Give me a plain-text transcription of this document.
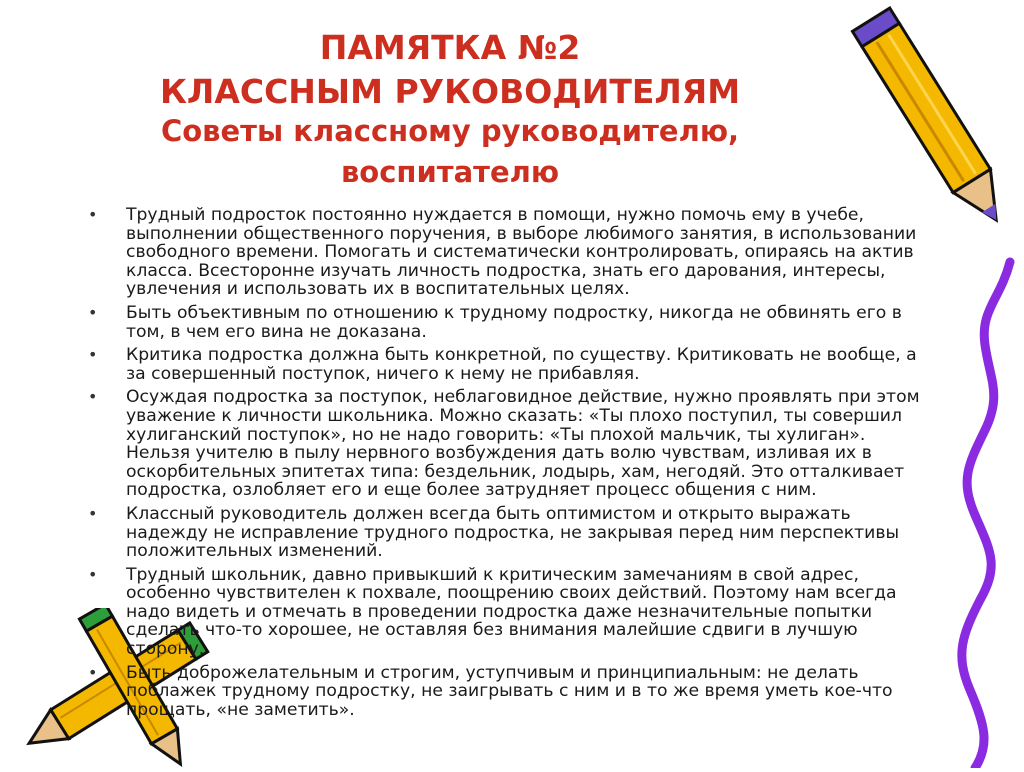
ПАМЯТКА №2
КЛАССНЫМ РУКОВОДИТЕЛЯМ
Советы классному руководителю,
воспитателю
• Трудный подросток постоянно нуждается в помощи, нужно помочь ему в учебе, выполнении общественного поручения, в выборе любимого занятия, в использовании свободного времени. Помогать и систематически контролировать, опираясь на актив класса. Всесторонне изучать личность подростка, знать его дарования, интересы, увлечения и использовать их в воспитательных целях.
• Быть объективным по отношению к трудному подростку, никогда не обвинять его в том, в чем его вина не доказана.
• Критика подростка должна быть конкретной, по существу. Критиковать не вообще, а за совершенный поступок, ничего к нему не прибавляя.
• Осуждая подростка за поступок, неблаговидное действие, нужно проявлять при этом уважение к личности школьника. Можно сказать: «Ты плохо поступил, ты совершил хулиганский поступок», но не надо говорить: «Ты плохой мальчик, ты хулиган». Нельзя учителю в пылу нервного возбуждения дать волю чувствам, изливая их в оскорбительных эпитетах типа: бездельник, лодырь, хам, негодяй. Это отталкивает подростка, озлобляет его и еще более затрудняет процесс общения с ним.
• Классный руководитель должен всегда быть оптимистом и открыто выражать надежду не исправление трудного подростка, не закрывая перед ним перспективы положительных изменений.
• Трудный школьник, давно привыкший к критическим замечаниям в свой адрес, особенно чувствителен к похвале, поощрению своих действий. Поэтому нам всегда надо видеть и отмечать в проведении подростка даже незначительные попытки сделать что-то хорошее, не оставляя без внимания малейшие сдвиги в лучшую сторону.
• Быть доброжелательным и строгим, уступчивым и принципиальным: не делать поблажек трудному подростку, не заигрывать с ним и в то же время уметь кое-что прощать, «не заметить».
